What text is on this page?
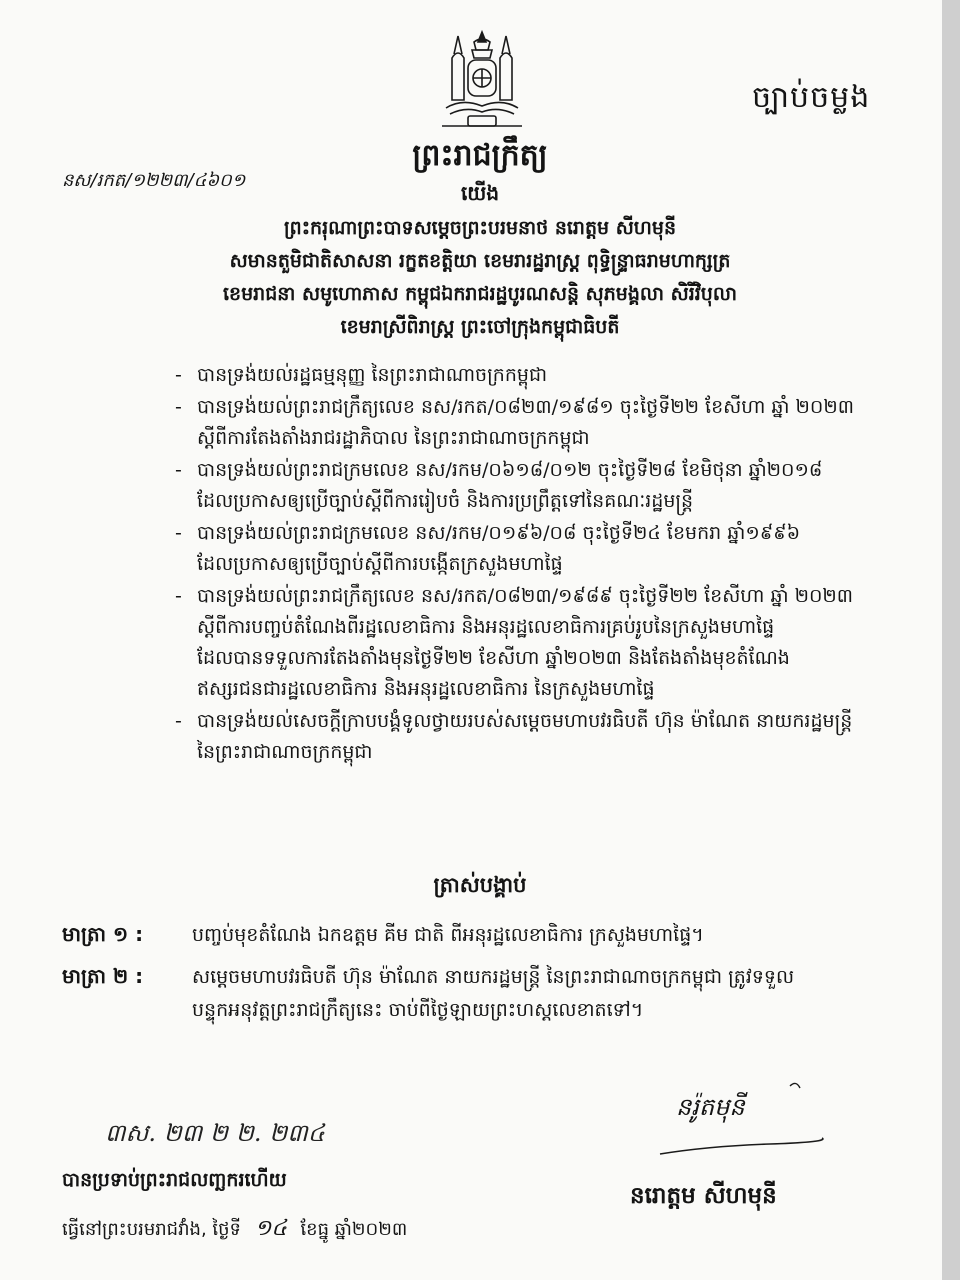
ច្បាប់ចម្លង
ព្រះរាជក្រឹត្យ
នស/រកត/១២២៣/៤៦០១
យើង
ព្រះករុណាព្រះបាទសម្តេចព្រះបរមនាថ នរោត្តម សីហមុនី
សមានតួមិជាតិសាសនា រក្ខតខត្តិយា ខេមរារដ្ឋរាស្ត្រ ពុទ្ធិន្ទ្រាធរាមហាក្សត្រ
ខេមរាជនា សមូហោភាស កម្ពុជឯករាជរដ្ឋបូរណសន្តិ សុភមង្គលា សិរីវិបុលា
ខេមរាស្រីពិរាស្ត្រ ព្រះចៅក្រុងកម្ពុជាធិបតី
- បានទ្រង់យល់រដ្ឋធម្មនុញ្ញ នៃព្រះរាជាណាចក្រកម្ពុជា
- បានទ្រង់យល់ព្រះរាជក្រឹត្យលេខ នស/រកត/០៨២៣/១៩៨១ ចុះថ្ងៃទី២២ ខែសីហា ឆ្នាំ ២០២៣
ស្តីពីការតែងតាំងរាជរដ្ឋាភិបាល នៃព្រះរាជាណាចក្រកម្ពុជា
- បានទ្រង់យល់ព្រះរាជក្រមលេខ នស/រកម/០៦១៨/០១២ ចុះថ្ងៃទី២៨ ខែមិថុនា ឆ្នាំ២០១៨
ដែលប្រកាសឲ្យប្រើច្បាប់ស្តីពីការរៀបចំ និងការប្រព្រឹត្តទៅនៃគណៈរដ្ឋមន្ត្រី
- បានទ្រង់យល់ព្រះរាជក្រមលេខ នស/រកម/០១៩៦/០៨ ចុះថ្ងៃទី២៤ ខែមករា ឆ្នាំ១៩៩៦
ដែលប្រកាសឲ្យប្រើច្បាប់ស្តីពីការបង្កើតក្រសួងមហាផ្ទៃ
- បានទ្រង់យល់ព្រះរាជក្រឹត្យលេខ នស/រកត/០៨២៣/១៩៨៩ ចុះថ្ងៃទី២២ ខែសីហា ឆ្នាំ ២០២៣
ស្តីពីការបញ្ចប់តំណែងពីរដ្ឋលេខាធិការ និងអនុរដ្ឋលេខាធិការគ្រប់រូបនៃក្រសួងមហាផ្ទៃ
ដែលបានទទួលការតែងតាំងមុនថ្ងៃទី២២ ខែសីហា ឆ្នាំ២០២៣ និងតែងតាំងមុខតំណែង
ឥស្សរជនជារដ្ឋលេខាធិការ និងអនុរដ្ឋលេខាធិការ នៃក្រសួងមហាផ្ទៃ
- បានទ្រង់យល់សេចក្តីក្រាបបង្គំទូលថ្វាយរបស់សម្តេចមហាបវរធិបតី ហ៊ុន ម៉ាណែត នាយករដ្ឋមន្ត្រី
នៃព្រះរាជាណាចក្រកម្ពុជា
ត្រាស់បង្គាប់
មាត្រា ១ :	បញ្ចប់មុខតំណែង ឯកឧត្តម គីម ជាតិ ពីអនុរដ្ឋលេខាធិការ ក្រសួងមហាផ្ទៃ។
មាត្រា ២ :	សម្តេចមហាបវរធិបតី ហ៊ុន ម៉ាណែត នាយករដ្ឋមន្ត្រី នៃព្រះរាជាណាចក្រកម្ពុជា ត្រូវទទួល
បន្ទុកអនុវត្តព្រះរាជក្រឹត្យនេះ ចាប់ពីថ្ងៃឡាយព្រះហស្តលេខាតទៅ។
៣ស. ២៣ ២ ២. ២៣៤
បានប្រទាប់ព្រះរាជលញ្ឆករហើយ
ធ្វើនៅព្រះបរមរាជវាំង, ថ្ងៃទី ១៤ ខែធ្នូ ឆ្នាំ២០២៣
នរ៉ូតមុនី
នរោត្តម សីហមុនី
